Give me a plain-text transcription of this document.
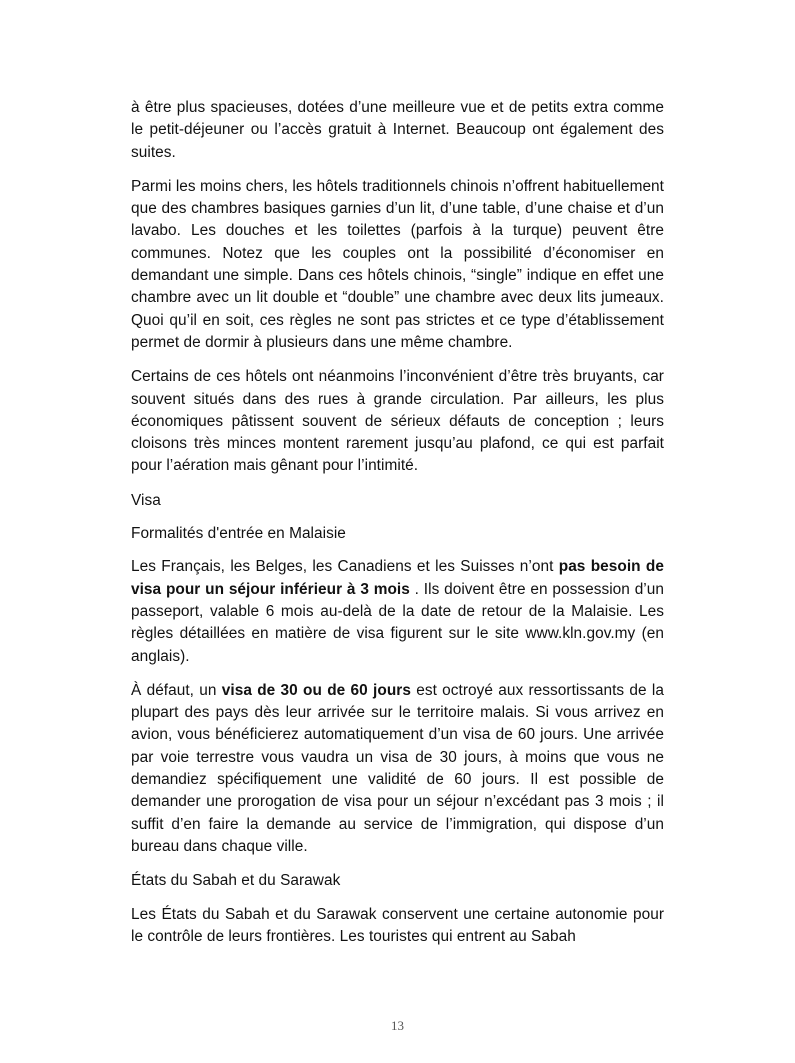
à être plus spacieuses, dotées d’une meilleure vue et de petits extra comme le petit-déjeuner ou l’accès gratuit à Internet. Beaucoup ont également des suites.

Parmi les moins chers, les hôtels traditionnels chinois n’offrent habituellement que des chambres basiques garnies d’un lit, d’une table, d’une chaise et d’un lavabo. Les douches et les toilettes (parfois à la turque) peuvent être communes. Notez que les couples ont la possibilité d’économiser en demandant une simple. Dans ces hôtels chinois, “single” indique en effet une chambre avec un lit double et “double” une chambre avec deux lits jumeaux. Quoi qu’il en soit, ces règles ne sont pas strictes et ce type d’établissement permet de dormir à plusieurs dans une même chambre.

Certains de ces hôtels ont néanmoins l’inconvénient d’être très bruyants, car souvent situés dans des rues à grande circulation. Par ailleurs, les plus économiques pâtissent souvent de sérieux défauts de conception ; leurs cloisons très minces montent rarement jusqu’au plafond, ce qui est parfait pour l’aération mais gênant pour l’intimité.

Visa

Formalités d'entrée en Malaisie

Les Français, les Belges, les Canadiens et les Suisses n’ont pas besoin de visa pour un séjour inférieur à 3 mois . Ils doivent être en possession d’un passeport, valable 6 mois au-delà de la date de retour de la Malaisie. Les règles détaillées en matière de visa figurent sur le site www.kln.gov.my (en anglais).

À défaut, un visa de 30 ou de 60 jours est octroyé aux ressortissants de la plupart des pays dès leur arrivée sur le territoire malais. Si vous arrivez en avion, vous bénéficierez automatiquement d’un visa de 60 jours. Une arrivée par voie terrestre vous vaudra un visa de 30 jours, à moins que vous ne demandiez spécifiquement une validité de 60 jours. Il est possible de demander une prorogation de visa pour un séjour n’excédant pas 3 mois ; il suffit d’en faire la demande au service de l’immigration, qui dispose d’un bureau dans chaque ville.

États du Sabah et du Sarawak

Les États du Sabah et du Sarawak conservent une certaine autonomie pour le contrôle de leurs frontières. Les touristes qui entrent au Sabah

13
